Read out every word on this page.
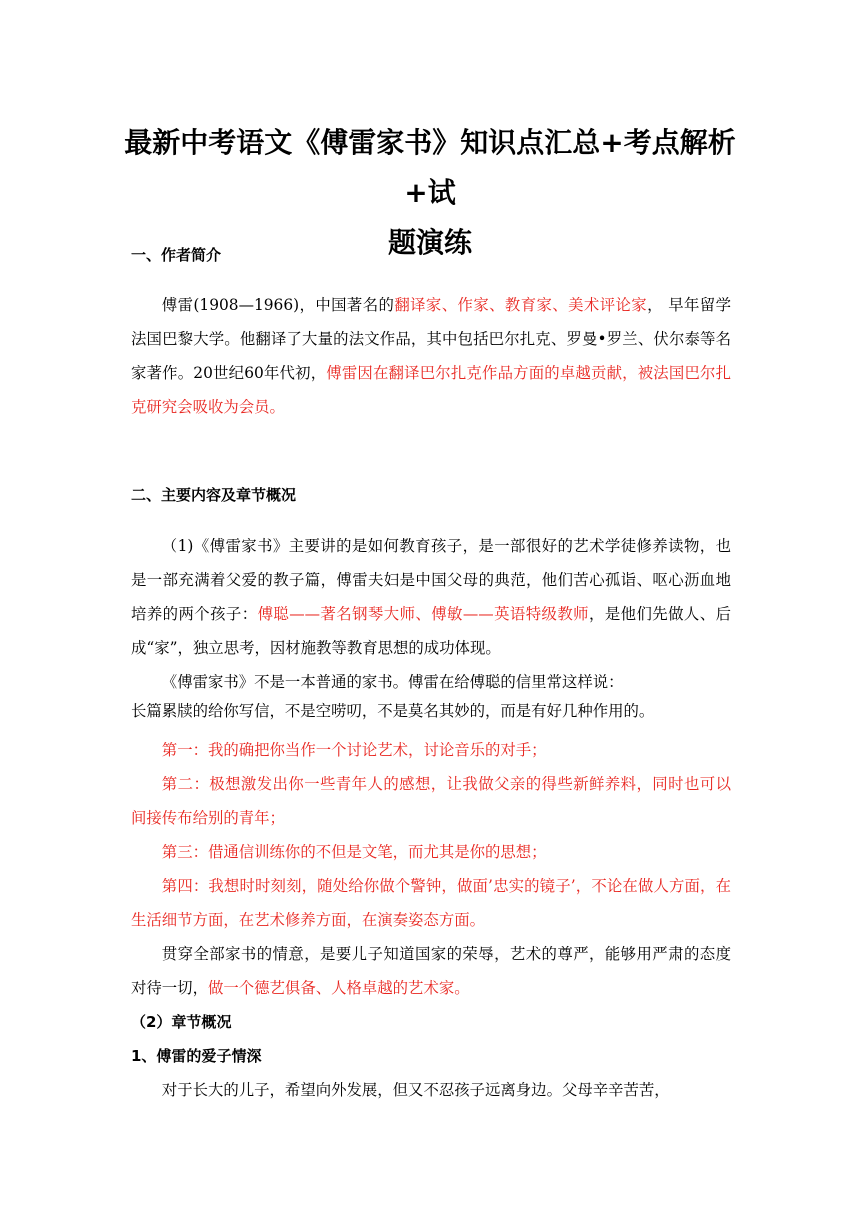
最新中考语文《傅雷家书》知识点汇总+考点解析+试
题演练
一、作者简介

傅雷(1908—1966)，中国著名的翻译家、作家、教育家、美术评论家， 早年留学法国巴黎大学。他翻译了大量的法文作品，其中包括巴尔扎克、罗曼•罗兰、伏尔泰等名家著作。20世纪60年代初，傅雷因在翻译巴尔扎克作品方面的卓越贡献，被法国巴尔扎克研究会吸收为会员。

二、主要内容及章节概况

（1)《傅雷家书》主要讲的是如何教育孩子，是一部很好的艺术学徒修养读物，也是一部充满着父爱的教子篇，傅雷夫妇是中国父母的典范，他们苦心孤诣、呕心沥血地培养的两个孩子：傅聪——著名钢琴大师、傅敏——英语特级教师，是他们先做人、后成“家”，独立思考，因材施教等教育思想的成功体现。

《傅雷家书》不是一本普通的家书。傅雷在给傅聪的信里常这样说：

长篇累牍的给你写信，不是空唠叨，不是莫名其妙的，而是有好几种作用的。

第一：我的确把你当作一个讨论艺术，讨论音乐的对手；

第二：极想激发出你一些青年人的感想，让我做父亲的得些新鲜养料，同时也可以间接传布给别的青年；

第三：借通信训练你的不但是文笔，而尤其是你的思想；

第四：我想时时刻刻，随处给你做个警钟，做面’忠实的镜子’，不论在做人方面，在生活细节方面，在艺术修养方面，在演奏姿态方面。

贯穿全部家书的情意，是要儿子知道国家的荣辱，艺术的尊严，能够用严肃的态度对待一切，做一个德艺俱备、人格卓越的艺术家。

（2）章节概况
1、傅雷的爱子情深

对于长大的儿子，希望向外发展，但又不忍孩子远离身边。父母辛辛苦苦，
